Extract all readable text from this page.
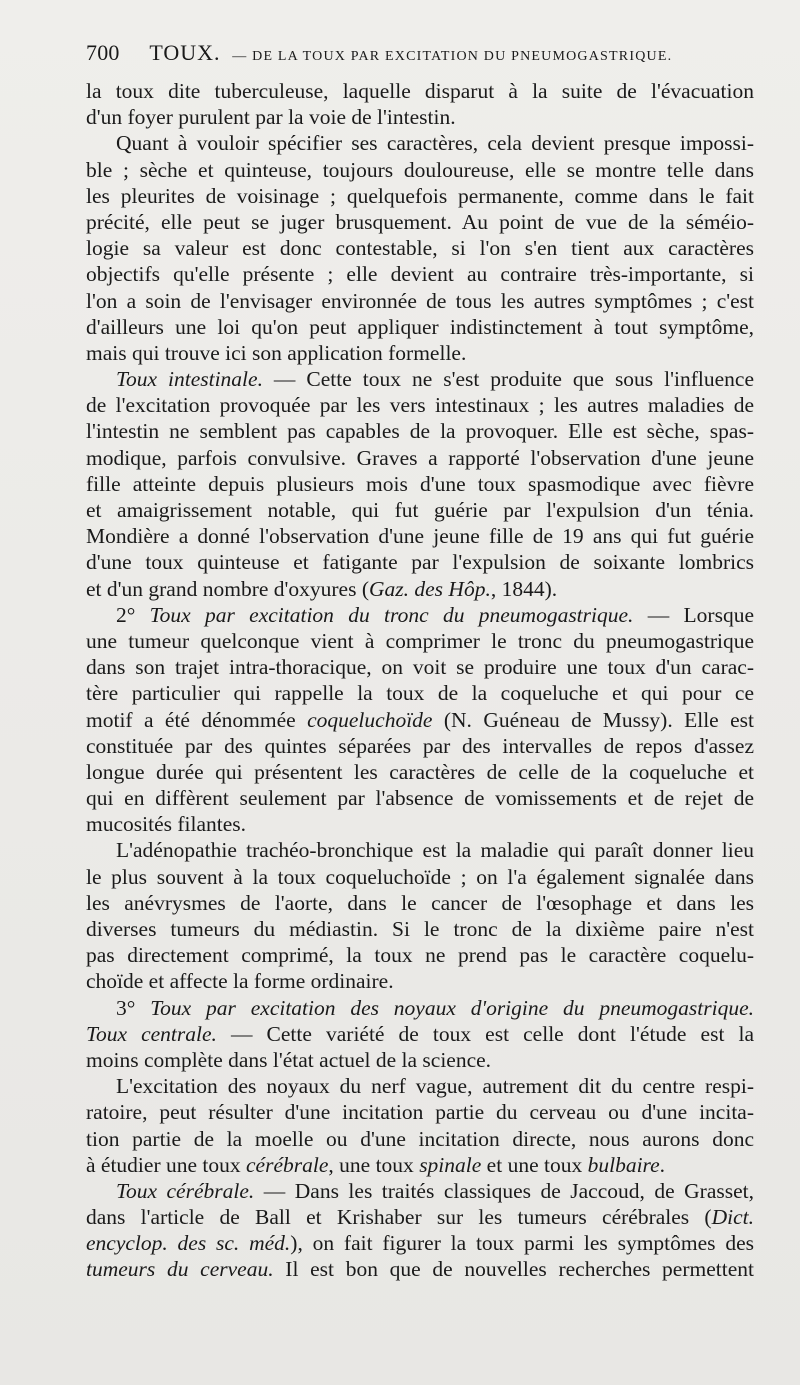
700 TOUX. — DE LA TOUX PAR EXCITATION DU PNEUMOGASTRIQUE.
la toux dite tuberculeuse, laquelle disparut à la suite de l'évacuation
d'un foyer purulent par la voie de l'intestin.
Quant à vouloir spécifier ses caractères, cela devient presque impossi-
ble ; sèche et quinteuse, toujours douloureuse, elle se montre telle dans
les pleurites de voisinage ; quelquefois permanente, comme dans le fait
précité, elle peut se juger brusquement. Au point de vue de la séméio-
logie sa valeur est donc contestable, si l'on s'en tient aux caractères
objectifs qu'elle présente ; elle devient au contraire très-importante, si
l'on a soin de l'envisager environnée de tous les autres symptômes ; c'est
d'ailleurs une loi qu'on peut appliquer indistinctement à tout symptôme,
mais qui trouve ici son application formelle.
Toux intestinale. — Cette toux ne s'est produite que sous l'influence
de l'excitation provoquée par les vers intestinaux ; les autres maladies de
l'intestin ne semblent pas capables de la provoquer. Elle est sèche, spas-
modique, parfois convulsive. Graves a rapporté l'observation d'une jeune
fille atteinte depuis plusieurs mois d'une toux spasmodique avec fièvre
et amaigrissement notable, qui fut guérie par l'expulsion d'un ténia.
Mondière a donné l'observation d'une jeune fille de 19 ans qui fut guérie
d'une toux quinteuse et fatigante par l'expulsion de soixante lombrics
et d'un grand nombre d'oxyures (Gaz. des Hôp., 1844).
2° Toux par excitation du tronc du pneumogastrique. — Lorsque
une tumeur quelconque vient à comprimer le tronc du pneumogastrique
dans son trajet intra-thoracique, on voit se produire une toux d'un carac-
tère particulier qui rappelle la toux de la coqueluche et qui pour ce
motif a été dénommée coqueluchoïde (N. Guéneau de Mussy). Elle est
constituée par des quintes séparées par des intervalles de repos d'assez
longue durée qui présentent les caractères de celle de la coqueluche et
qui en diffèrent seulement par l'absence de vomissements et de rejet de
mucosités filantes.
L'adénopathie trachéo-bronchique est la maladie qui paraît donner lieu
le plus souvent à la toux coqueluchoïde ; on l'a également signalée dans
les anévrysmes de l'aorte, dans le cancer de l'œsophage et dans les
diverses tumeurs du médiastin. Si le tronc de la dixième paire n'est
pas directement comprimé, la toux ne prend pas le caractère coquelu-
choïde et affecte la forme ordinaire.
3° Toux par excitation des noyaux d'origine du pneumogastrique.
Toux centrale. — Cette variété de toux est celle dont l'étude est la
moins complète dans l'état actuel de la science.
L'excitation des noyaux du nerf vague, autrement dit du centre respi-
ratoire, peut résulter d'une incitation partie du cerveau ou d'une incita-
tion partie de la moelle ou d'une incitation directe, nous aurons donc
à étudier une toux cérébrale, une toux spinale et une toux bulbaire.
Toux cérébrale. — Dans les traités classiques de Jaccoud, de Grasset,
dans l'article de Ball et Krishaber sur les tumeurs cérébrales (Dict.
encyclop. des sc. méd.), on fait figurer la toux parmi les symptômes des
tumeurs du cerveau. Il est bon que de nouvelles recherches permettent
